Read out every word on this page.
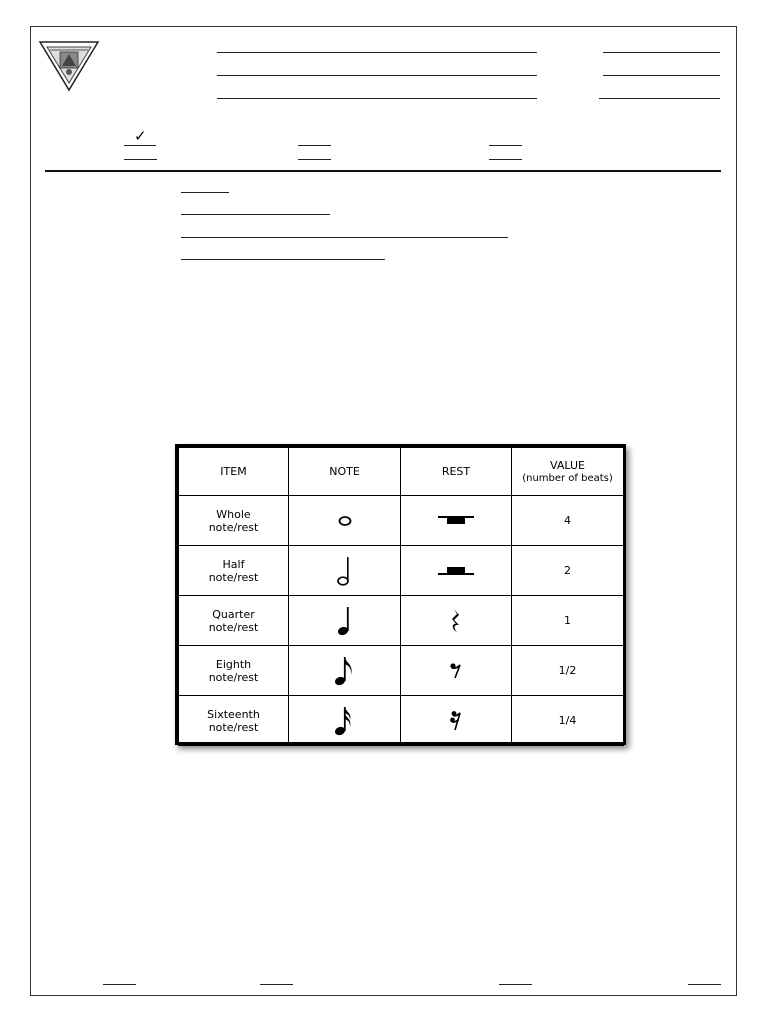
✓
ITEM	NOTE	REST	VALUE
(number of beats)

Whole
note/rest			4
Half
note/rest			2
Quarter
note/rest			1
Eighth
note/rest			1/2
Sixteenth
note/rest			1/4
